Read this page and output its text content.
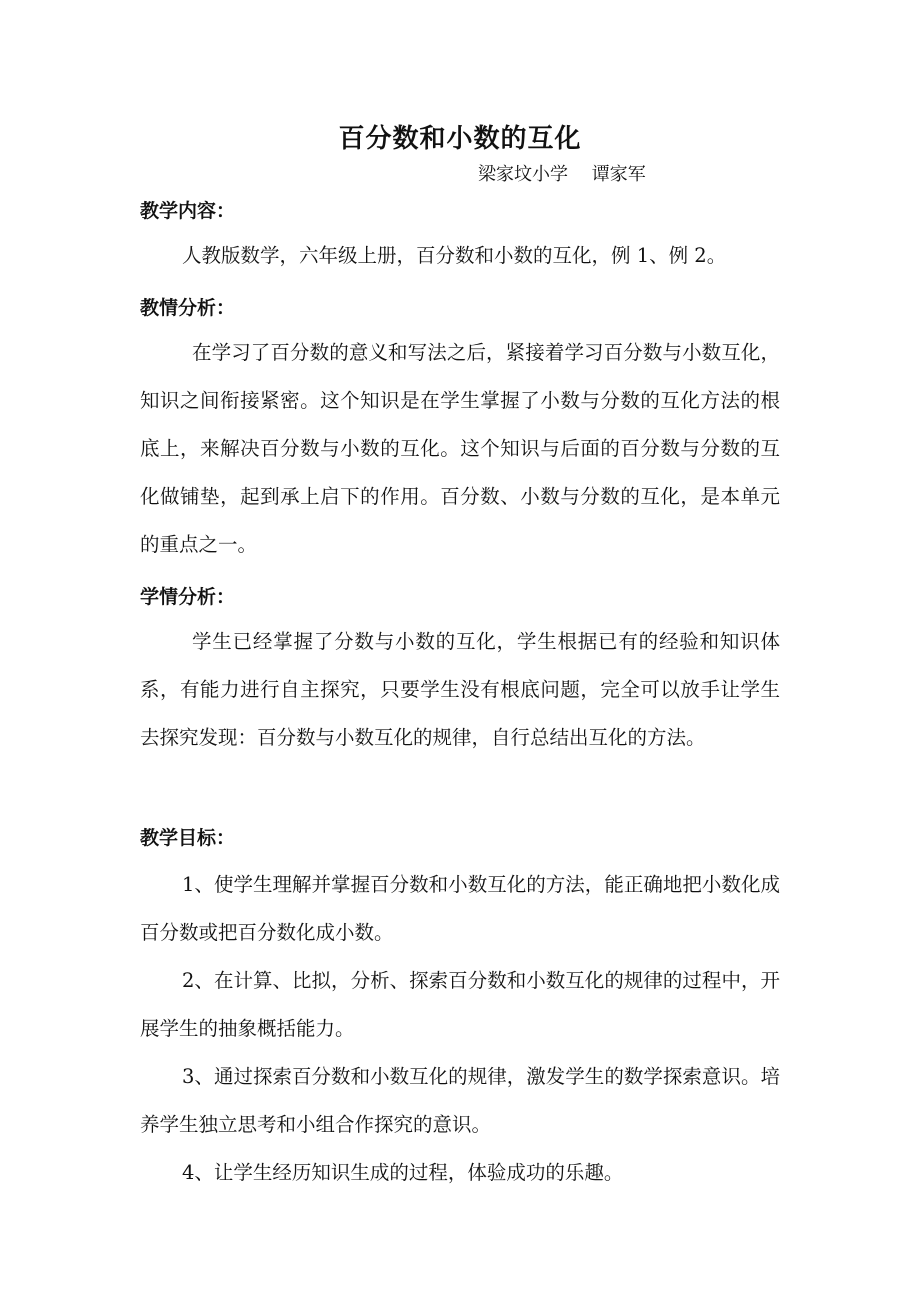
百分数和小数的互化
梁家坟小学　 谭家军
教学内容：

人教版数学，六年级上册，百分数和小数的互化，例 1、例 2。

教情分析：

在学习了百分数的意义和写法之后，紧接着学习百分数与小数互化，知识之间衔接紧密。这个知识是在学生掌握了小数与分数的互化方法的根底上，来解决百分数与小数的互化。这个知识与后面的百分数与分数的互化做铺垫，起到承上启下的作用。百分数、小数与分数的互化，是本单元的重点之一。

学情分析：

学生已经掌握了分数与小数的互化，学生根据已有的经验和知识体系，有能力进行自主探究，只要学生没有根底问题，完全可以放手让学生去探究发现：百分数与小数互化的规律，自行总结出互化的方法。

教学目标：

1、使学生理解并掌握百分数和小数互化的方法，能正确地把小数化成百分数或把百分数化成小数。

2、在计算、比拟，分析、探索百分数和小数互化的规律的过程中，开展学生的抽象概括能力。

3、通过探索百分数和小数互化的规律，激发学生的数学探索意识。培养学生独立思考和小组合作探究的意识。

4、让学生经历知识生成的过程，体验成功的乐趣。
